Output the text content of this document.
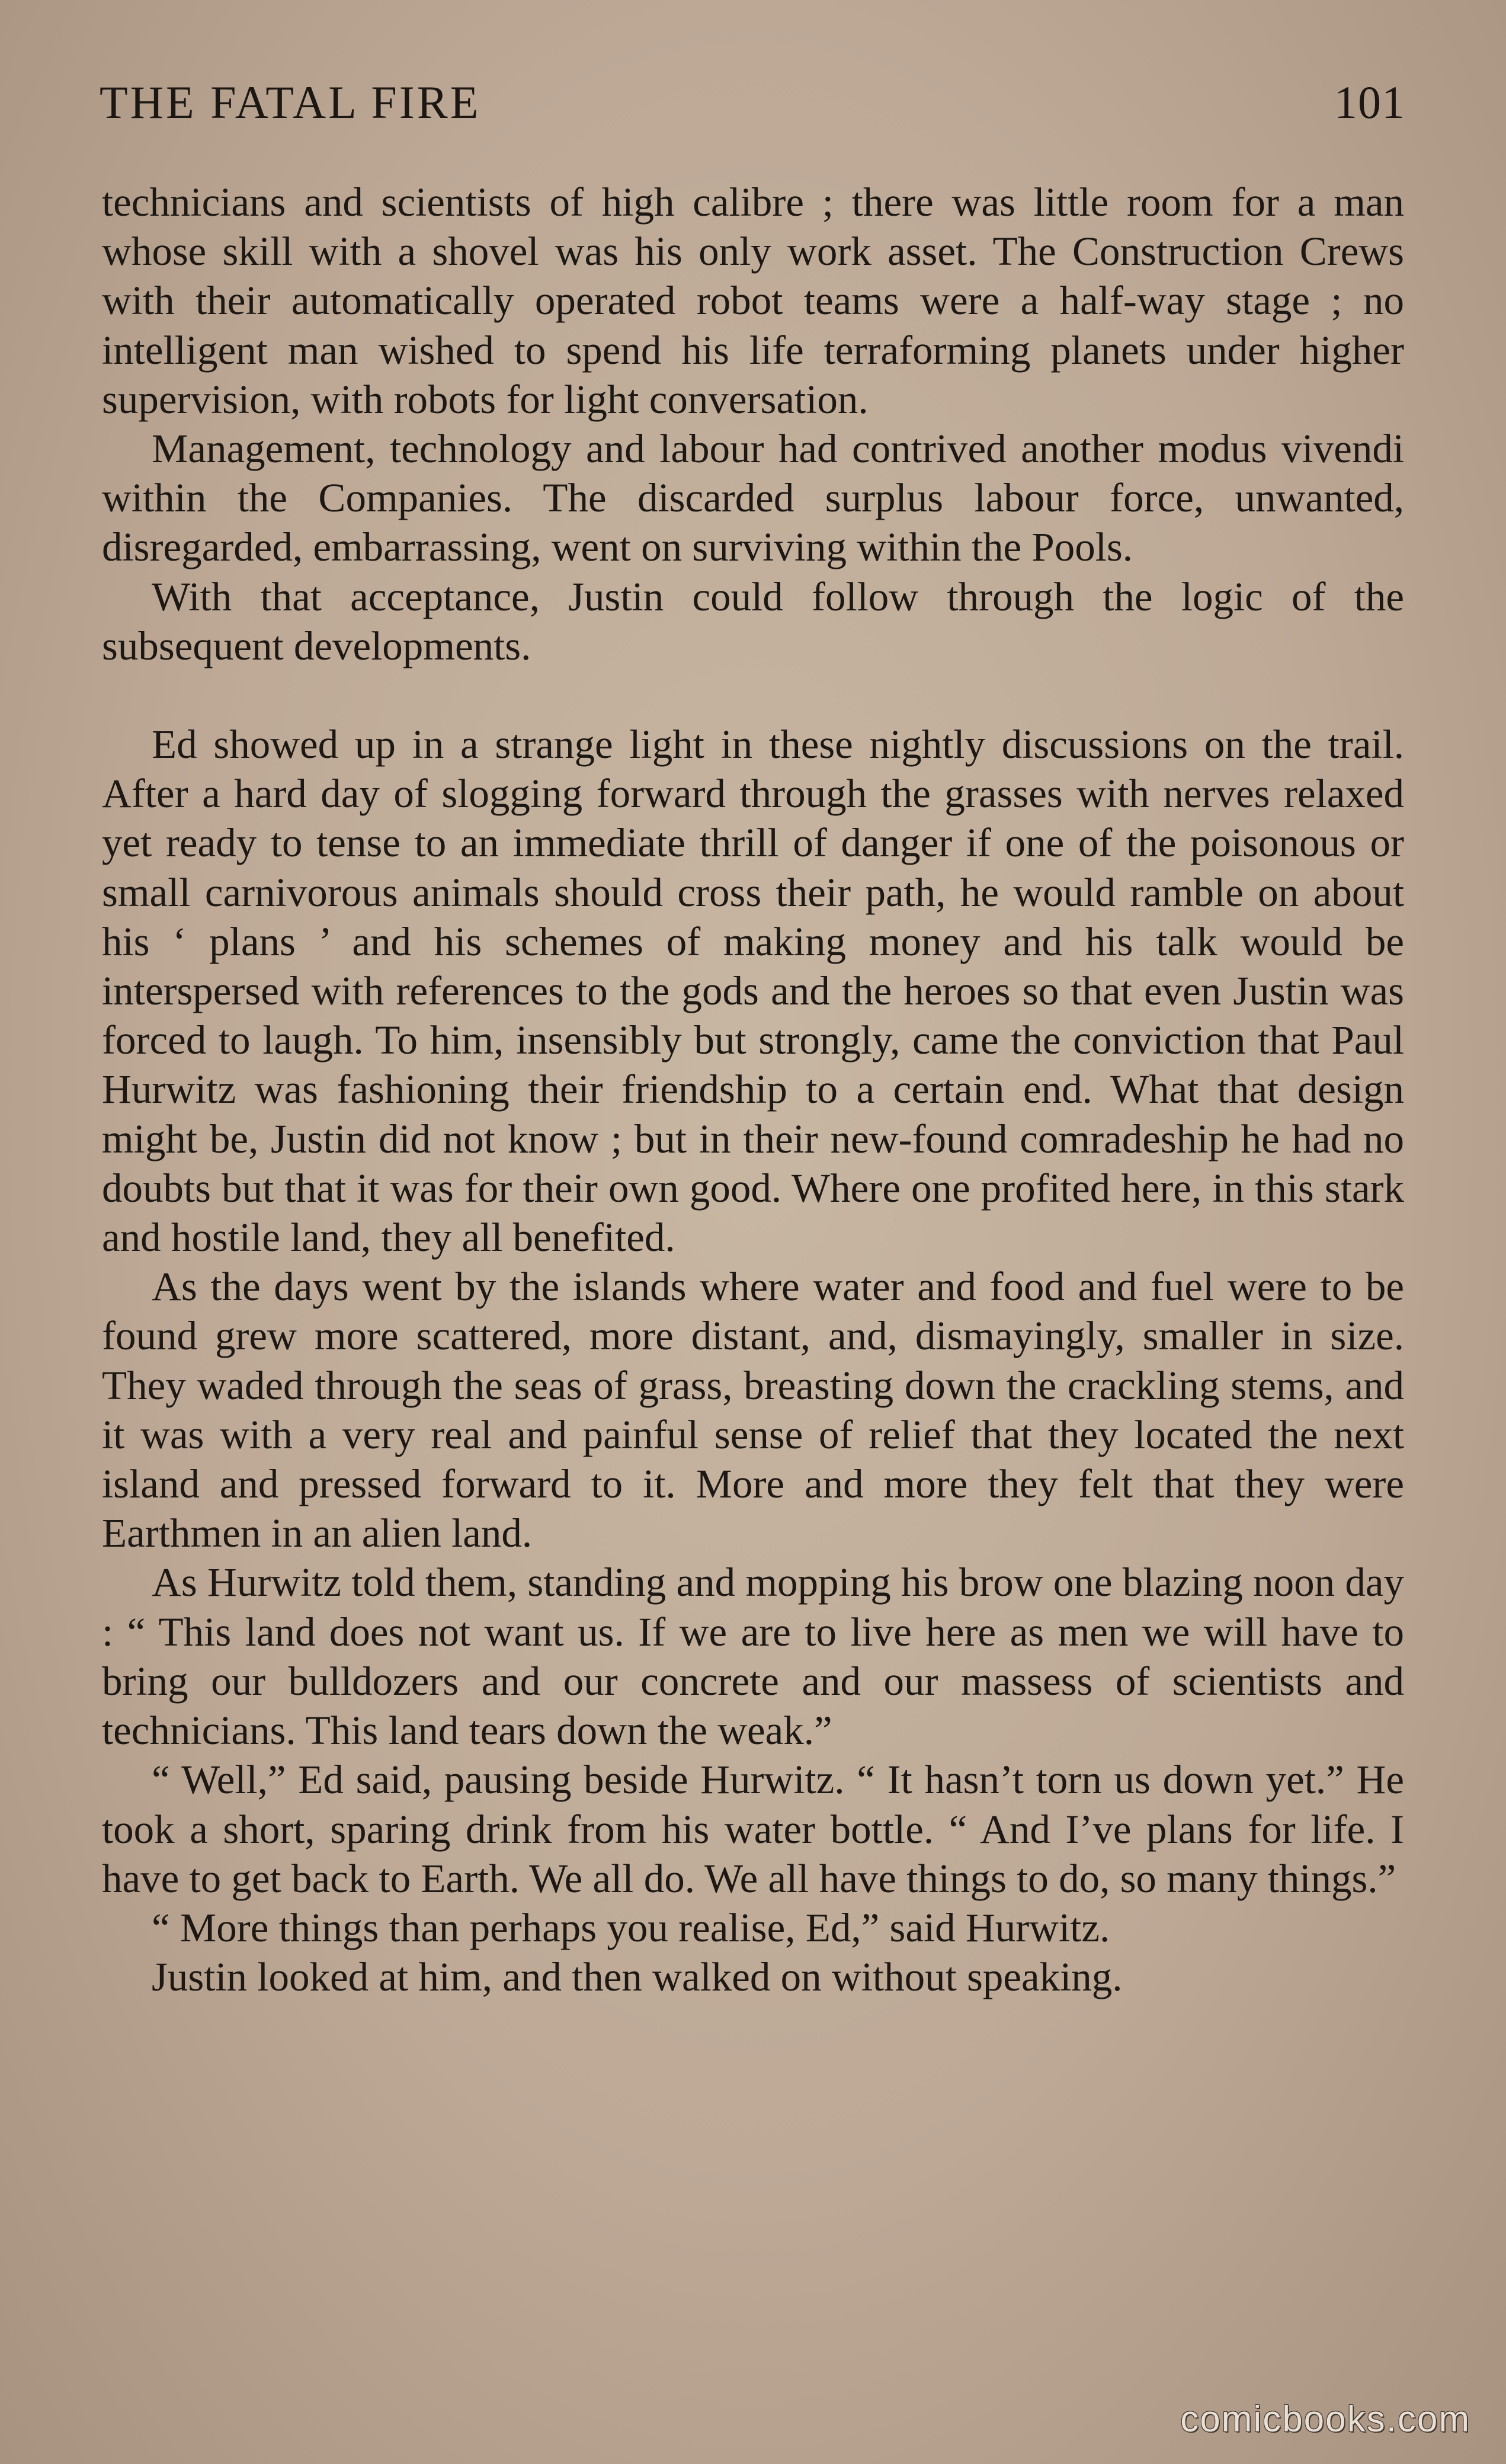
THE FATAL FIRE	101

technicians and scientists of high calibre ; there was little room for a man whose skill with a shovel was his only work asset. The Construction Crews with their automatically operated robot teams were a half-way stage ; no intelligent man wished to spend his life terraforming planets under higher supervision, with robots for light conversation.

Management, technology and labour had contrived another modus vivendi within the Companies. The discarded surplus labour force, unwanted, disregarded, embarrassing, went on surviving within the Pools.

With that acceptance, Justin could follow through the logic of the subsequent developments.

Ed showed up in a strange light in these nightly discussions on the trail. After a hard day of slogging forward through the grasses with nerves relaxed yet ready to tense to an immediate thrill of danger if one of the poisonous or small carnivorous animals should cross their path, he would ramble on about his ‘ plans ’ and his schemes of making money and his talk would be interspersed with references to the gods and the heroes so that even Justin was forced to laugh. To him, insensibly but strongly, came the conviction that Paul Hurwitz was fashioning their friendship to a certain end. What that design might be, Justin did not know ; but in their new-found comradeship he had no doubts but that it was for their own good. Where one profited here, in this stark and hostile land, they all benefited.

As the days went by the islands where water and food and fuel were to be found grew more scattered, more distant, and, dismayingly, smaller in size. They waded through the seas of grass, breasting down the crackling stems, and it was with a very real and painful sense of relief that they located the next island and pressed forward to it. More and more they felt that they were Earthmen in an alien land.

As Hurwitz told them, standing and mopping his brow one blazing noon day : “ This land does not want us. If we are to live here as men we will have to bring our bulldozers and our concrete and our massess of scientists and technicians. This land tears down the weak.”

“ Well,” Ed said, pausing beside Hurwitz. “ It hasn’t torn us down yet.” He took a short, sparing drink from his water bottle. “ And I’ve plans for life. I have to get back to Earth. We all do. We all have things to do, so many things.”

“ More things than perhaps you realise, Ed,” said Hurwitz.

Justin looked at him, and then walked on without speaking.

comicbooks.com
